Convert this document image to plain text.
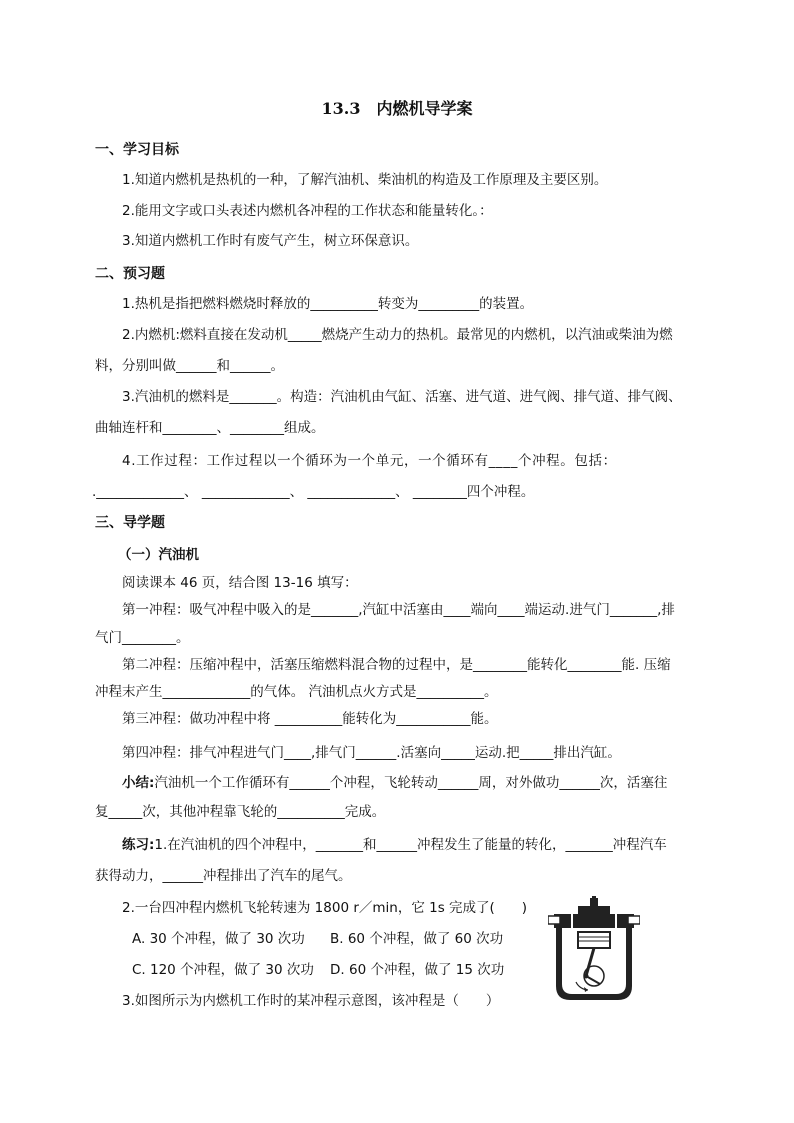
13.3　内燃机导学案
一、学习目标
1.知道内燃机是热机的一种，了解汽油机、柴油机的构造及工作原理及主要区别。
2.能用文字或口头表述内燃机各冲程的工作状态和能量转化。：
3.知道内燃机工作时有废气产生，树立环保意识。
二、预习题
1.热机是指把燃料燃烧时释放的__________转变为_________的装置。
2.内燃机:燃料直接在发动机_____燃烧产生动力的热机。最常见的内燃机，以汽油或柴油为燃
料，分别叫做______和______。
3.汽油机的燃料是_______。构造：汽油机由气缸、活塞、进气道、进气阀、排气道、排气阀、
曲轴连杆和________、________组成。
4.工作过程：工作过程以一个循环为一个单元，一个循环有____个冲程。包括：
._____________、 _____________、 _____________、 ________四个冲程。
三、导学题
（一）汽油机
阅读课本 46 页，结合图 13-16 填写：
第一冲程：吸气冲程中吸入的是_______,汽缸中活塞由____端向____端运动.进气门_______,排
气门________。
第二冲程：压缩冲程中，活塞压缩燃料混合物的过程中，是________能转化________能. 压缩
冲程末产生_____________的气体。 汽油机点火方式是__________。
第三冲程：做功冲程中将 __________能转化为___________能。
第四冲程：排气冲程进气门____,排气门______.活塞向_____运动.把_____排出汽缸。
小结:汽油机一个工作循环有______个冲程，飞轮转动______周，对外做功______次，活塞往
复_____次，其他冲程靠飞轮的__________完成。
练习:1.在汽油机的四个冲程中，_______和______冲程发生了能量的转化，_______冲程汽车
获得动力，______冲程排出了汽车的尾气。
2.一台四冲程内燃机飞轮转速为 1800 r／min，它 1s 完成了(　　)
A. 30 个冲程，做了 30 次功 B. 60 个冲程，做了 60 次功
C. 120 个冲程，做了 30 次功 D. 60 个冲程，做了 15 次功
3.如图所示为内燃机工作时的某冲程示意图，该冲程是（　　）
